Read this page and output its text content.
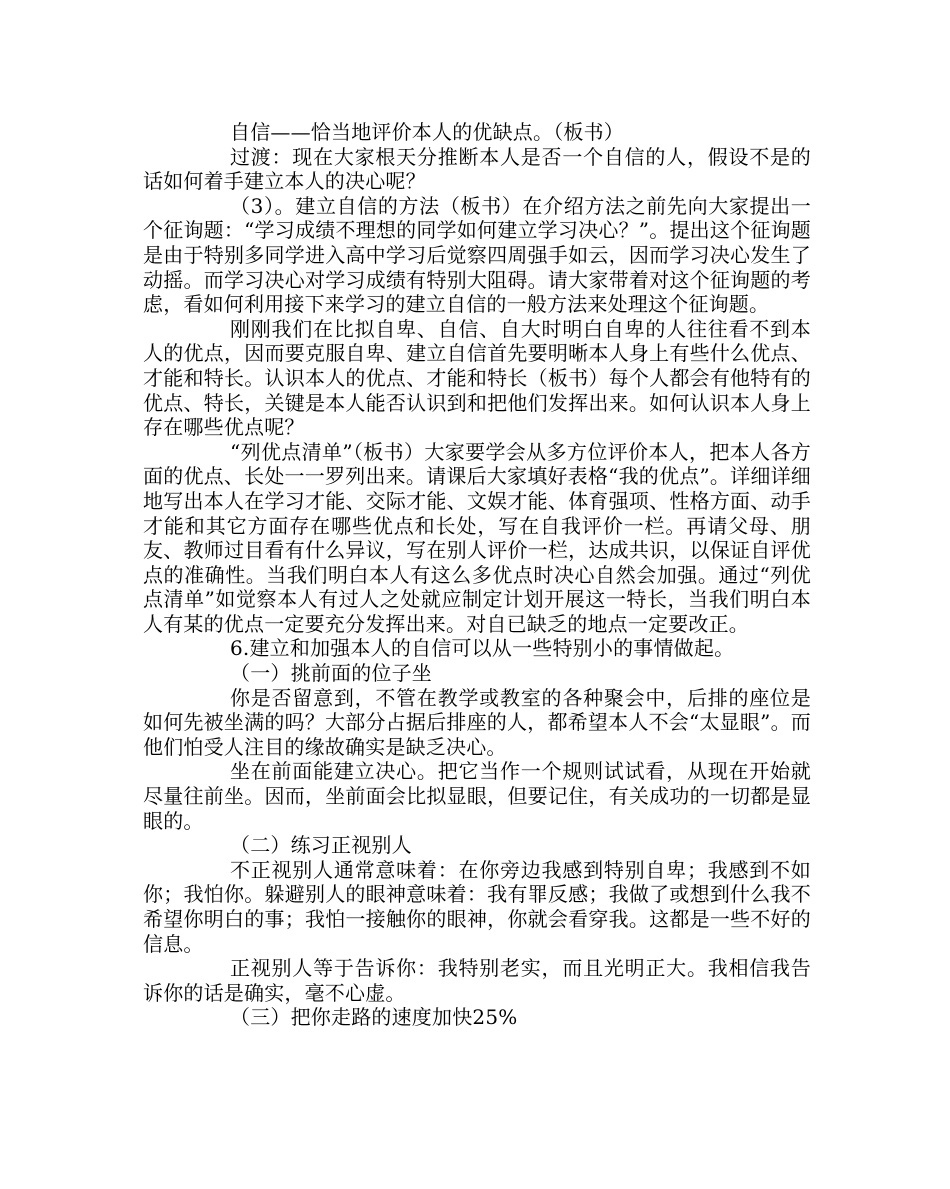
自信——恰当地评价本人的优缺点。（板书）

过渡：现在大家根天分推断本人是否一个自信的人，假设不是的话如何着手建立本人的决心呢？

（3）。建立自信的方法（板书）在介绍方法之前先向大家提出一个征询题：“学习成绩不理想的同学如何建立学习决心？”。提出这个征询题是由于特别多同学进入高中学习后觉察四周强手如云，因而学习决心发生了动摇。而学习决心对学习成绩有特别大阻碍。请大家带着对这个征询题的考虑，看如何利用接下来学习的建立自信的一般方法来处理这个征询题。

刚刚我们在比拟自卑、自信、自大时明白自卑的人往往看不到本人的优点，因而要克服自卑、建立自信首先要明晰本人身上有些什么优点、才能和特长。认识本人的优点、才能和特长（板书）每个人都会有他特有的优点、特长，关键是本人能否认识到和把他们发挥出来。如何认识本人身上存在哪些优点呢？

“列优点清单”（板书）大家要学会从多方位评价本人，把本人各方面的优点、长处一一罗列出来。请课后大家填好表格“我的优点”。详细详细地写出本人在学习才能、交际才能、文娱才能、体育强项、性格方面、动手才能和其它方面存在哪些优点和长处，写在自我评价一栏。再请父母、朋友、教师过目看有什么异议，写在别人评价一栏，达成共识，以保证自评优点的准确性。当我们明白本人有这么多优点时决心自然会加强。通过“列优点清单”如觉察本人有过人之处就应制定计划开展这一特长，当我们明白本人有某的优点一定要充分发挥出来。对自已缺乏的地点一定要改正。

6.建立和加强本人的自信可以从一些特别小的事情做起。

（一）挑前面的位子坐

你是否留意到，不管在教学或教室的各种聚会中，后排的座位是如何先被坐满的吗？大部分占据后排座的人，都希望本人不会“太显眼”。而他们怕受人注目的缘故确实是缺乏决心。

坐在前面能建立决心。把它当作一个规则试试看，从现在开始就尽量往前坐。因而，坐前面会比拟显眼，但要记住，有关成功的一切都是显眼的。

（二）练习正视别人

不正视别人通常意味着：在你旁边我感到特别自卑；我感到不如你；我怕你。躲避别人的眼神意味着：我有罪反感；我做了或想到什么我不希望你明白的事；我怕一接触你的眼神，你就会看穿我。这都是一些不好的信息。

正视别人等于告诉你：我特别老实，而且光明正大。我相信我告诉你的话是确实，毫不心虚。

（三）把你走路的速度加快25%
